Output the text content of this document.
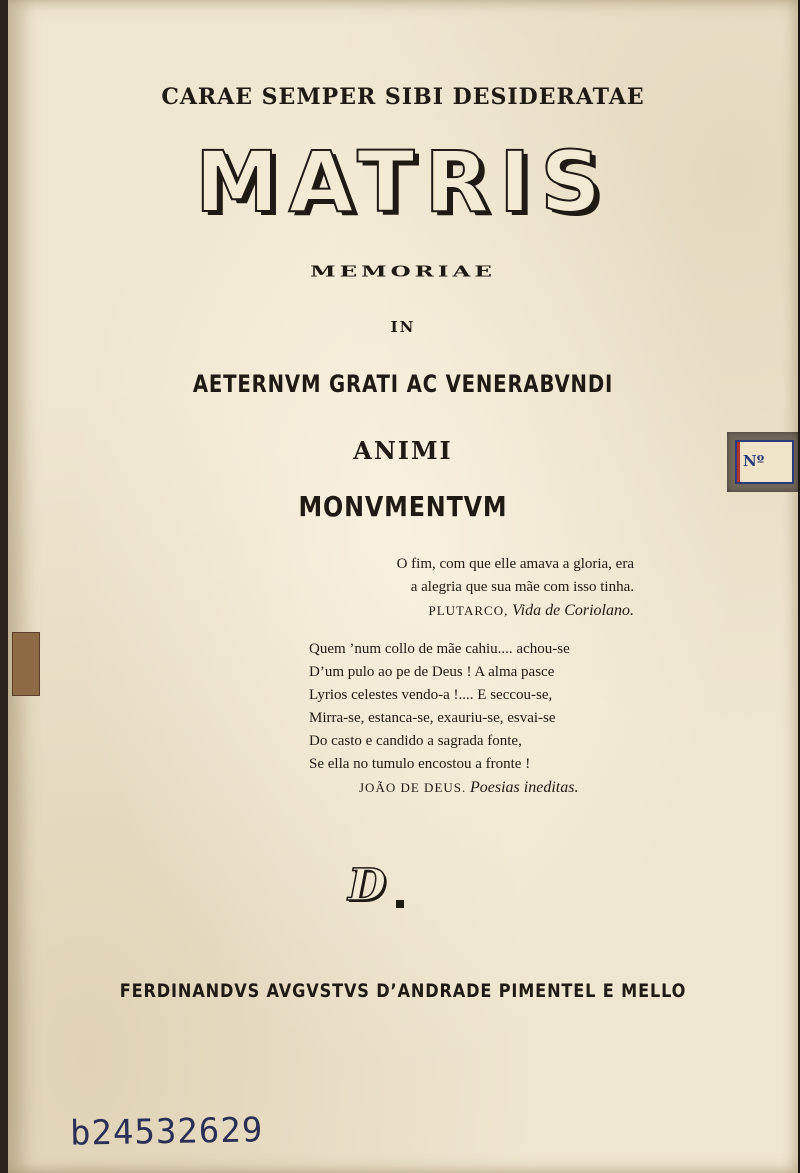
CARAE SEMPER SIBI DESIDERATAE
MATRIS
MEMORIAE
IN
AETERNVM GRATI AC VENERABVNDI
ANIMI
MONVMENTVM
O fim, com que elle amava a gloria, era
a alegria que sua mãe com isso tinha.
PLUTARCO, Vida de Coriolano.
Quem ’num collo de mãe cahiu.... achou-se
D’um pulo ao pe de Deus ! A alma pasce
Lyrios celestes vendo-a !.... E seccou-se,
Mirra-se, estanca-se, exauriu-se, esvai-se
Do casto e candido a sagrada fonte,
Se ella no tumulo encostou a fronte !
JOÃO DE DEUS. Poesias ineditas.
D
FERDINANDVS AVGVSTVS D’ANDRADE PIMENTEL E MELLO
Nº
b24532629
